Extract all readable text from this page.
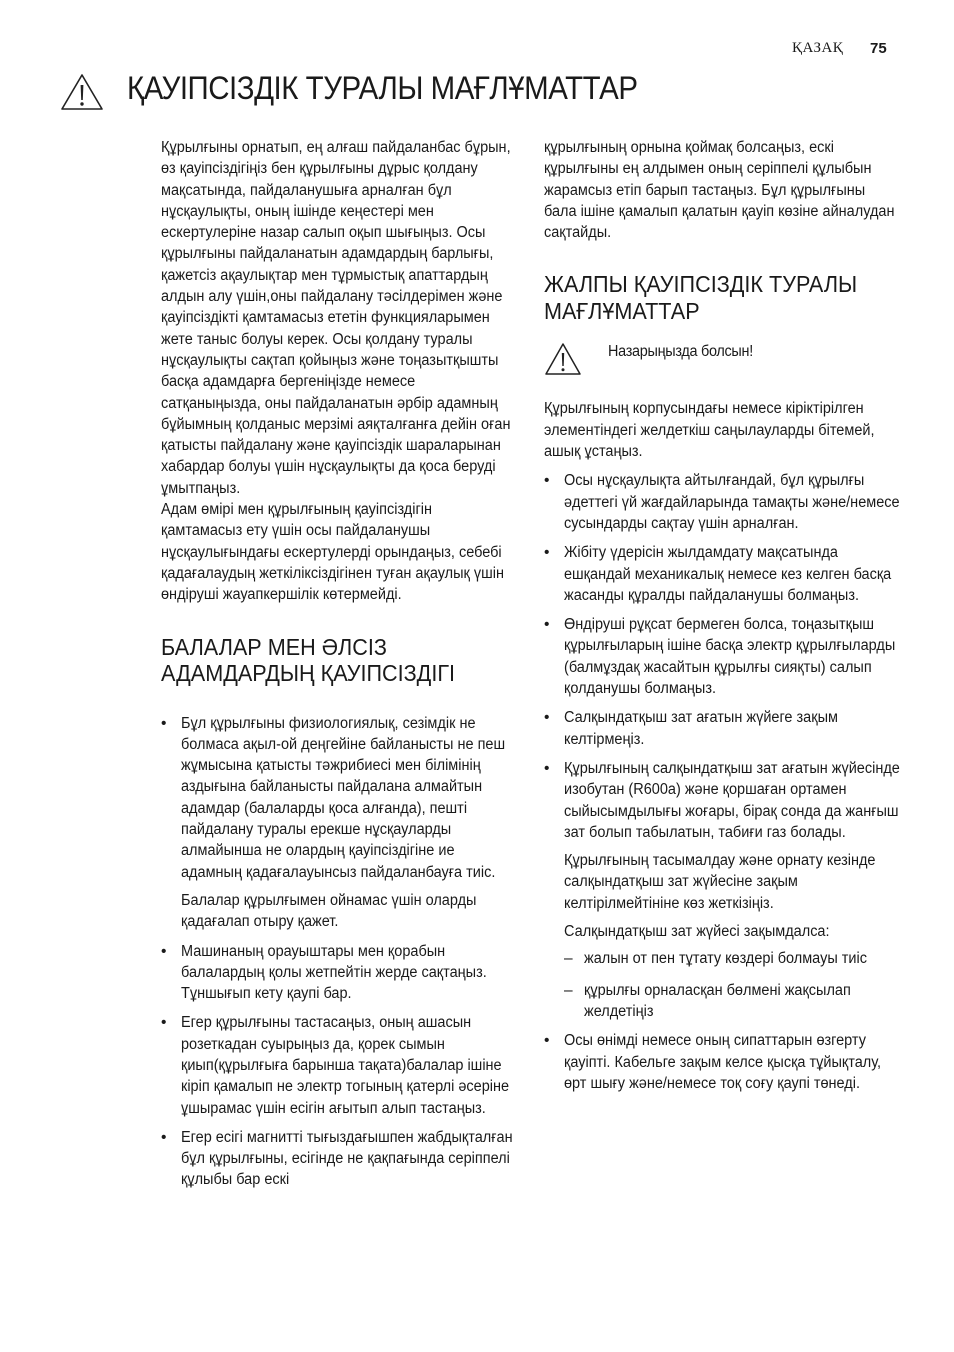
ҚАЗАҚ 75
ҚАУІПСІЗДІК ТУРАЛЫ МАҒЛҰМАТТАР

Құрылғыны орнатып, ең алғаш пайдаланбас бұрын, өз қауіпсіздігіңіз бен құрылғыны дұрыс қолдану мақсатында, пайдаланушыға арналған бұл нұсқаулықты, оның ішінде кеңестері мен ескертулеріне назар салып оқып шығыңыз. Осы құрылғыны пайдаланатын адамдардың барлығы, қажетсіз ақаулықтар мен тұрмыстық апаттардың алдын алу үшін,оны пайдалану тәсілдерімен және қауіпсіздікті қамтамасыз ететін функцияларымен жете таныс болуы керек. Осы қолдану туралы нұсқаулықты сақтап қойыңыз және тоңазытқышты басқа адамдарға бергеніңізде немесе сатқаныңызда, оны пайдаланатын әрбір адамның бұйымның қолданыс мерзімі аяқталғанға дейін оған қатысты пайдалану және қауіпсіздік шараларынан хабардар болуы үшін нұсқаулықты да қоса беруді ұмытпаңыз.

Адам өмірі мен құрылғының қауіпсіздігін қамтамасыз ету үшін осы пайдаланушы нұсқаулығындағы ескертулерді орындаңыз, себебі қадағалаудың жеткіліксіздігінен туған ақаулық үшін өндіруші жауапкершілік көтермейді.

БАЛАЛАР МЕН ӘЛСІЗ АДАМДАРДЫҢ ҚАУІПСІЗДІГІ
• Бұл құрылғыны физиологиялық, сезімдік не болмаса ақыл-ой деңгейіне байланысты не пеш жұмысына қатысты тәжрибиесі мен білімінің аздығына байланысты пайдалана алмайтын адамдар (балаларды қоса алғанда), пешті пайдалану туралы ерекше нұсқауларды алмайынша не олардың қауіпсіздігіне ие адамның қадағалауынсыз пайдаланбауға тиіс.

Балалар құрылғымен ойнамас үшін оларды қадағалап отыру қажет.

• Машинаның орауыштары мен қорабын балалардың қолы жетпейтін жерде сақтаңыз. Тұншығып кету қаупі бар.

• Егер құрылғыны тастасаңыз, оның ашасын розеткадан суырыңыз да, қорек сымын қиып(құрылғыға барынша тақата)балалар ішіне кіріп қамалып не электр тогының қатерлі әсеріне ұшырамас үшін есігін ағытып алып тастаңыз.

• Егер есігі магнитті тығыздағышпен жабдықталған бұл құрылғыны, есігінде не қақпағында серіппелі құлыбы бар ескі

құрылғының орнына қоймақ болсаңыз, ескі құрылғыны ең алдымен оның серіппелі құлыбын жарамсыз етіп барып тастаңыз. Бұл құрылғыны бала ішіне қамалып қалатын қауіп көзіне айналудан сақтайды.

ЖАЛПЫ ҚАУІПСІЗДІК ТУРАЛЫ МАҒЛҰМАТТАР

Назарыңызда болсын!

Құрылғының корпусындағы немесе кіріктірілген элементіндегі желдеткіш саңылауларды бітемей, ашық ұстаңыз.

• Осы нұсқаулықта айтылғандай, бұл құрылғы әдеттегі үй жағдайларында тамақты және/немесе сусындарды сақтау үшін арналған.

• Жібіту үдерісін жылдамдату мақсатында ешқандай механикалық немесе кез келген басқа жасанды құралды пайдаланушы болмаңыз.

• Өндіруші рұқсат бермеген болса, тоңазытқыш құрылғыларың ішіне басқа электр құрылғыларды (балмұздақ жасайтын құрылғы сияқты) салып қолданушы болмаңыз.

• Салқындатқыш зат ағатын жүйеге зақым келтірмеңіз.

• Құрылғының салқындатқыш зат ағатын жүйесінде изобутан (R600a) және қоршаған ортамен сыйысымдылығы жоғары, бірақ сонда да жанғыш зат болып табылатын, табиғи газ болады.

Құрылғының тасымалдау және орнату кезінде салқындатқыш зат жүйесіне зақым келтірілмейтініне көз жеткізіңіз.

Салқындатқыш зат жүйесі зақымдалса:

– жалын от пен тұтату көздері болмауы тиіс

– құрылғы орналасқан бөлмені жақсылап желдетіңіз

• Осы өнімді немесе оның сипаттарын өзгерту қауіпті. Кабельге зақым келсе қысқа тұйықталу, өрт шығу және/немесе тоқ соғу қаупі төнеді.
